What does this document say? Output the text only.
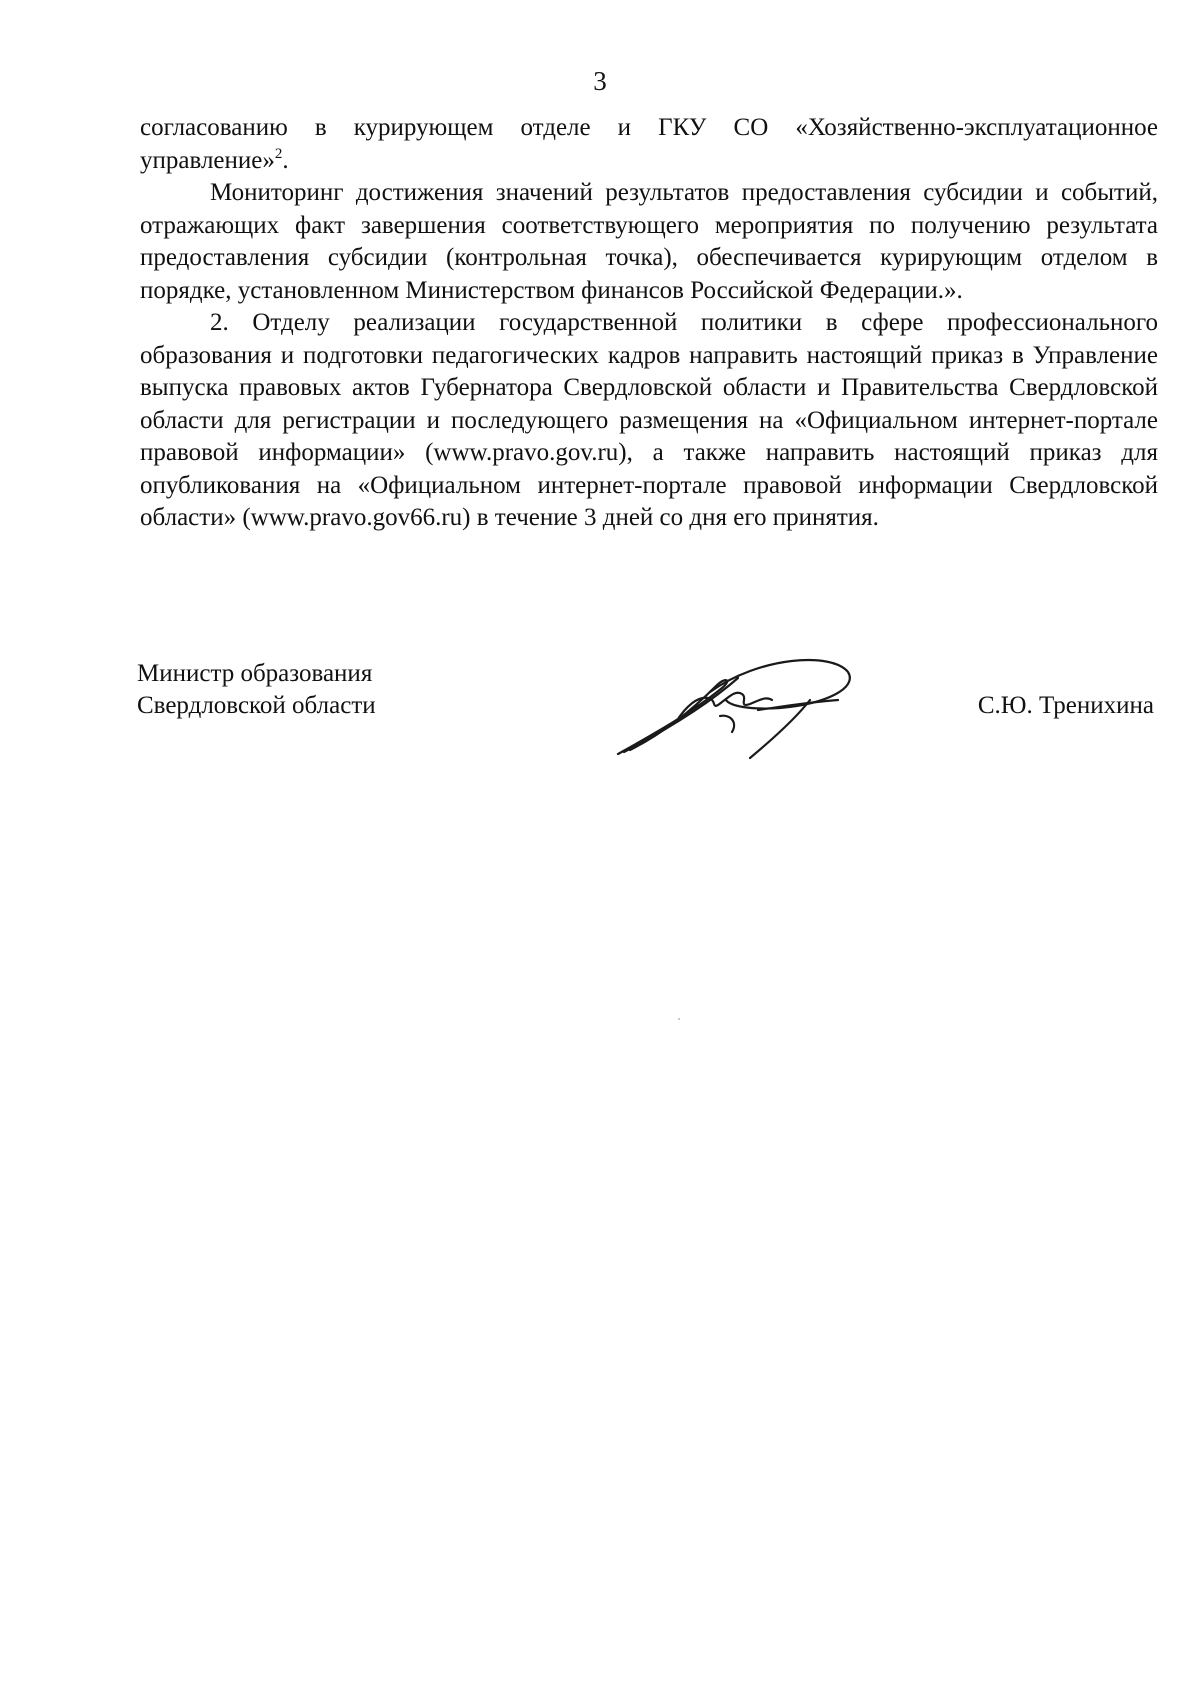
3

согласованию в курирующем отделе и ГКУ СО «Хозяйственно-эксплуатационное управление»$^2$.

Мониторинг достижения значений результатов предоставления субсидии и событий, отражающих факт завершения соответствующего мероприятия по получению результата предоставления субсидии (контрольная точка), обеспечивается курирующим отделом в порядке, установленном Министерством финансов Российской Федерации.».

2. Отделу реализации государственной политики в сфере профессионального образования и подготовки педагогических кадров направить настоящий приказ в Управление выпуска правовых актов Губернатора Свердловской области и Правительства Свердловской области для регистрации и последующего размещения на «Официальном интернет-портале правовой информации» (www.pravo.gov.ru), а также направить настоящий приказ для опубликования на «Официальном интернет-портале правовой информации Свердловской области» (www.pravo.gov66.ru) в течение 3 дней со дня его принятия.

Министр образования
Свердловской области	С.Ю. Тренихина
